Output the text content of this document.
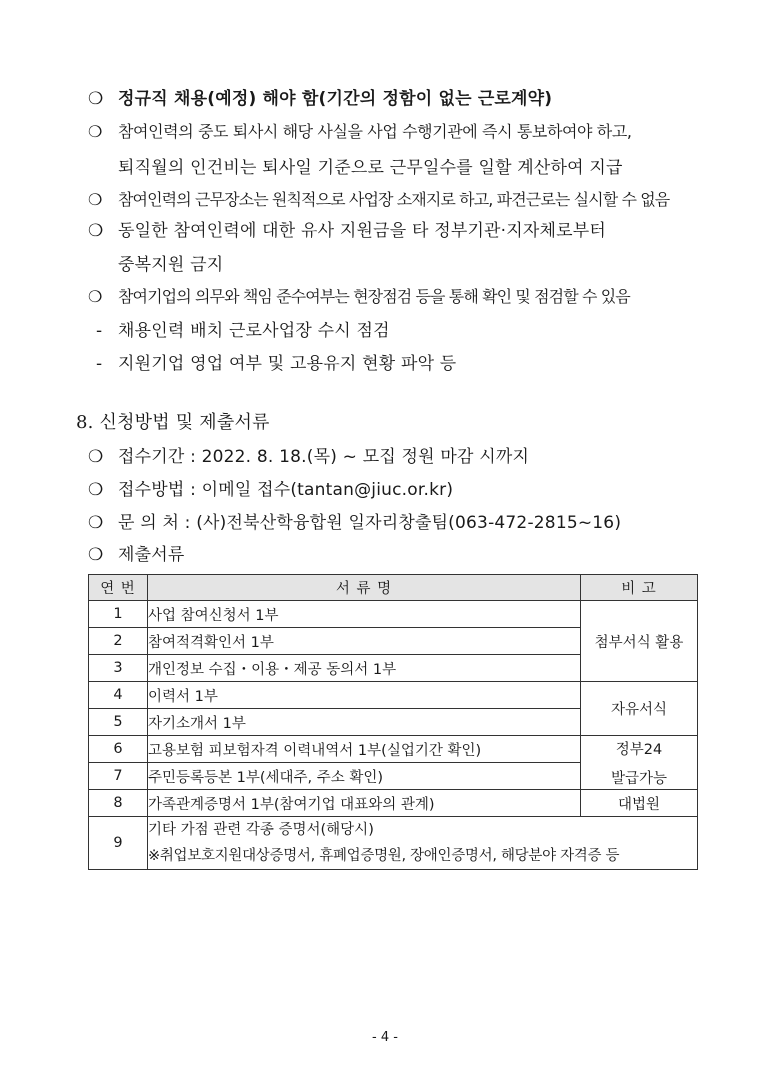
❍ 정규직 채용(예정) 해야 함(기간의 정함이 없는 근로계약)
❍ 참여인력의 중도 퇴사시 해당 사실을 사업 수행기관에 즉시 통보하여야 하고,
퇴직월의 인건비는 퇴사일 기준으로 근무일수를 일할 계산하여 지급
❍ 참여인력의 근무장소는 원칙적으로 사업장 소재지로 하고, 파견근로는 실시할 수 없음
❍ 동일한 참여인력에 대한 유사 지원금을 타 정부기관·지자체로부터
중복지원 금지
❍ 참여기업의 의무와 책임 준수여부는 현장점검 등을 통해 확인 및 점검할 수 있음
- 채용인력 배치 근로사업장 수시 점검
- 지원기업 영업 여부 및 고용유지 현황 파악 등
8. 신청방법 및 제출서류
❍ 접수기간 : 2022. 8. 18.(목) ~ 모집 정원 마감 시까지
❍ 접수방법 : 이메일 접수(tantan@jiuc.or.kr)
❍ 문 의 처 : (사)전북산학융합원 일자리창출팀(063-472-2815~16)
❍ 제출서류
연 번	서 류 명	비 고
1	사업 참여신청서 1부	첨부서식 활용
2	참여적격확인서 1부	
3	개인정보 수집・이용・제공 동의서 1부	
4	이력서 1부	자유서식
5	자기소개서 1부	
6	고용보험 피보험자격 이력내역서 1부(실업기간 확인)	정부24
발급가능

7	주민등록등본 1부(세대주, 주소 확인)	
8	가족관계증명서 1부(참여기업 대표와의 관계)	대법원
9	기타 가점 관련 각종 증명서(해당시)
※취업보호지원대상증명서, 휴폐업증명원, 장애인증명서, 해당분야 자격증 등	
- 4 -
